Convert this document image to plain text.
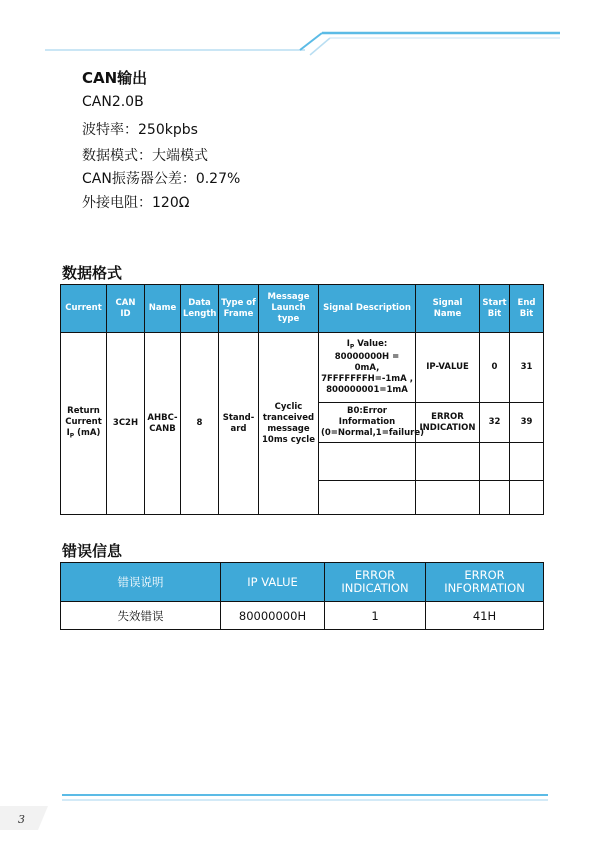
CAN输出
CAN2.0B
波特率：250kpbs
数据模式：大端模式
CAN振荡器公差：0.27%
外接电阻：120Ω
数据格式
Current	CAN ID	Name	Data Length	Type of Frame	Message Launch type	Signal Description	Signal Name	Start Bit	End Bit
Return Current $I_P$ (mA)	3C2H	AHBC-CANB	8	Stand-ard	Cyclic tranceived message 10ms cycle	$I_P$ Value: 80000000H = 0mA, 7FFFFFFFH=-1mA , 800000001=1mA	IP-VALUE	0	31
						B0:Error Information (0=Normal,1=failure)	ERROR INDICATION	32	39

错误信息
错误说明	IP VALUE	ERROR INDICATION	ERROR INFORMATION
失效错误	80000000H	1	41H
3
